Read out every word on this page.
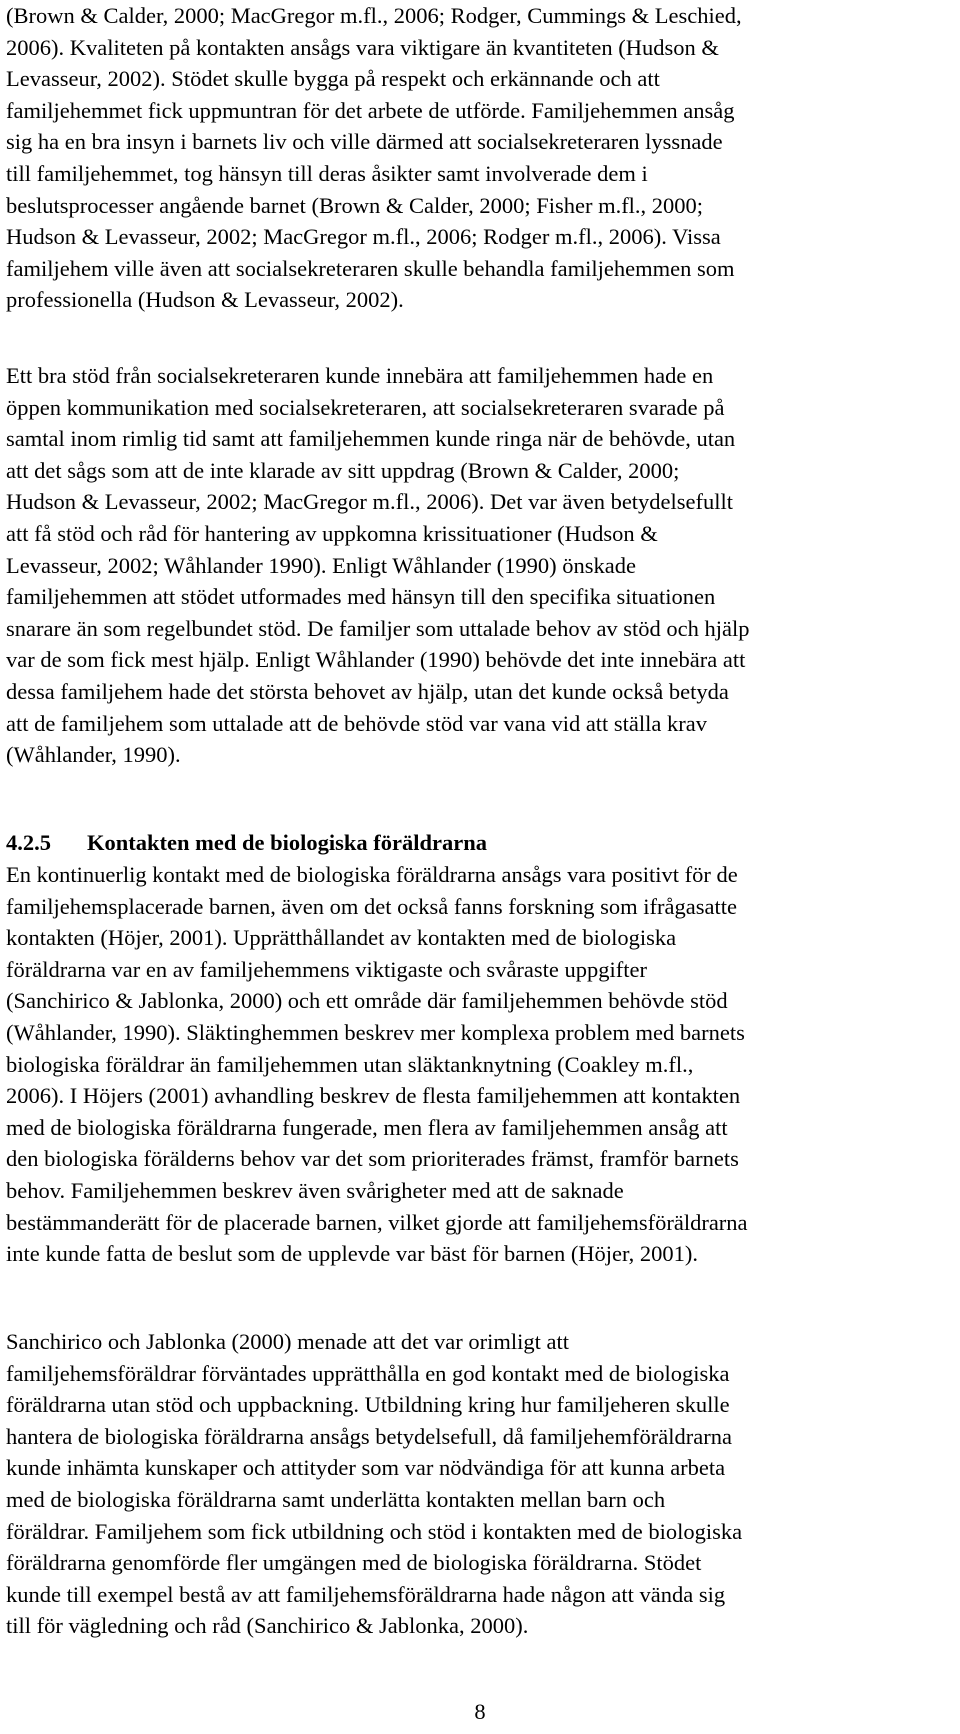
(Brown & Calder, 2000; MacGregor m.fl., 2006; Rodger, Cummings & Leschied,
2006). Kvaliteten på kontakten ansågs vara viktigare än kvantiteten (Hudson &
Levasseur, 2002). Stödet skulle bygga på respekt och erkännande och att
familjehemmet fick uppmuntran för det arbete de utförde. Familjehemmen ansåg
sig ha en bra insyn i barnets liv och ville därmed att socialsekreteraren lyssnade
till familjehemmet, tog hänsyn till deras åsikter samt involverade dem i
beslutsprocesser angående barnet (Brown & Calder, 2000; Fisher m.fl., 2000;
Hudson & Levasseur, 2002; MacGregor m.fl., 2006; Rodger m.fl., 2006). Vissa
familjehem ville även att socialsekreteraren skulle behandla familjehemmen som
professionella (Hudson & Levasseur, 2002).

Ett bra stöd från socialsekreteraren kunde innebära att familjehemmen hade en
öppen kommunikation med socialsekreteraren, att socialsekreteraren svarade på
samtal inom rimlig tid samt att familjehemmen kunde ringa när de behövde, utan
att det sågs som att de inte klarade av sitt uppdrag (Brown & Calder, 2000;
Hudson & Levasseur, 2002; MacGregor m.fl., 2006). Det var även betydelsefullt
att få stöd och råd för hantering av uppkomna krissituationer (Hudson &
Levasseur, 2002; Wåhlander 1990). Enligt Wåhlander (1990) önskade
familjehemmen att stödet utformades med hänsyn till den specifika situationen
snarare än som regelbundet stöd. De familjer som uttalade behov av stöd och hjälp
var de som fick mest hjälp. Enligt Wåhlander (1990) behövde det inte innebära att
dessa familjehem hade det största behovet av hjälp, utan det kunde också betyda
att de familjehem som uttalade att de behövde stöd var vana vid att ställa krav
(Wåhlander, 1990).

4.2.5 Kontakten med de biologiska föräldrarna

En kontinuerlig kontakt med de biologiska föräldrarna ansågs vara positivt för de
familjehemsplacerade barnen, även om det också fanns forskning som ifrågasatte
kontakten (Höjer, 2001). Upprätthållandet av kontakten med de biologiska
föräldrarna var en av familjehemmens viktigaste och svåraste uppgifter
(Sanchirico & Jablonka, 2000) och ett område där familjehemmen behövde stöd
(Wåhlander, 1990). Släktinghemmen beskrev mer komplexa problem med barnets
biologiska föräldrar än familjehemmen utan släktanknytning (Coakley m.fl.,
2006). I Höjers (2001) avhandling beskrev de flesta familjehemmen att kontakten
med de biologiska föräldrarna fungerade, men flera av familjehemmen ansåg att
den biologiska förälderns behov var det som prioriterades främst, framför barnets
behov. Familjehemmen beskrev även svårigheter med att de saknade
bestämmanderätt för de placerade barnen, vilket gjorde att familjehemsföräldrarna
inte kunde fatta de beslut som de upplevde var bäst för barnen (Höjer, 2001).

Sanchirico och Jablonka (2000) menade att det var orimligt att
familjehemsföräldrar förväntades upprätthålla en god kontakt med de biologiska
föräldrarna utan stöd och uppbackning. Utbildning kring hur familjeheren skulle
hantera de biologiska föräldrarna ansågs betydelsefull, då familjehemföräldrarna
kunde inhämta kunskaper och attityder som var nödvändiga för att kunna arbeta
med de biologiska föräldrarna samt underlätta kontakten mellan barn och
föräldrar. Familjehem som fick utbildning och stöd i kontakten med de biologiska
föräldrarna genomförde fler umgängen med de biologiska föräldrarna. Stödet
kunde till exempel bestå av att familjehemsföräldrarna hade någon att vända sig
till för vägledning och råd (Sanchirico & Jablonka, 2000).

8
